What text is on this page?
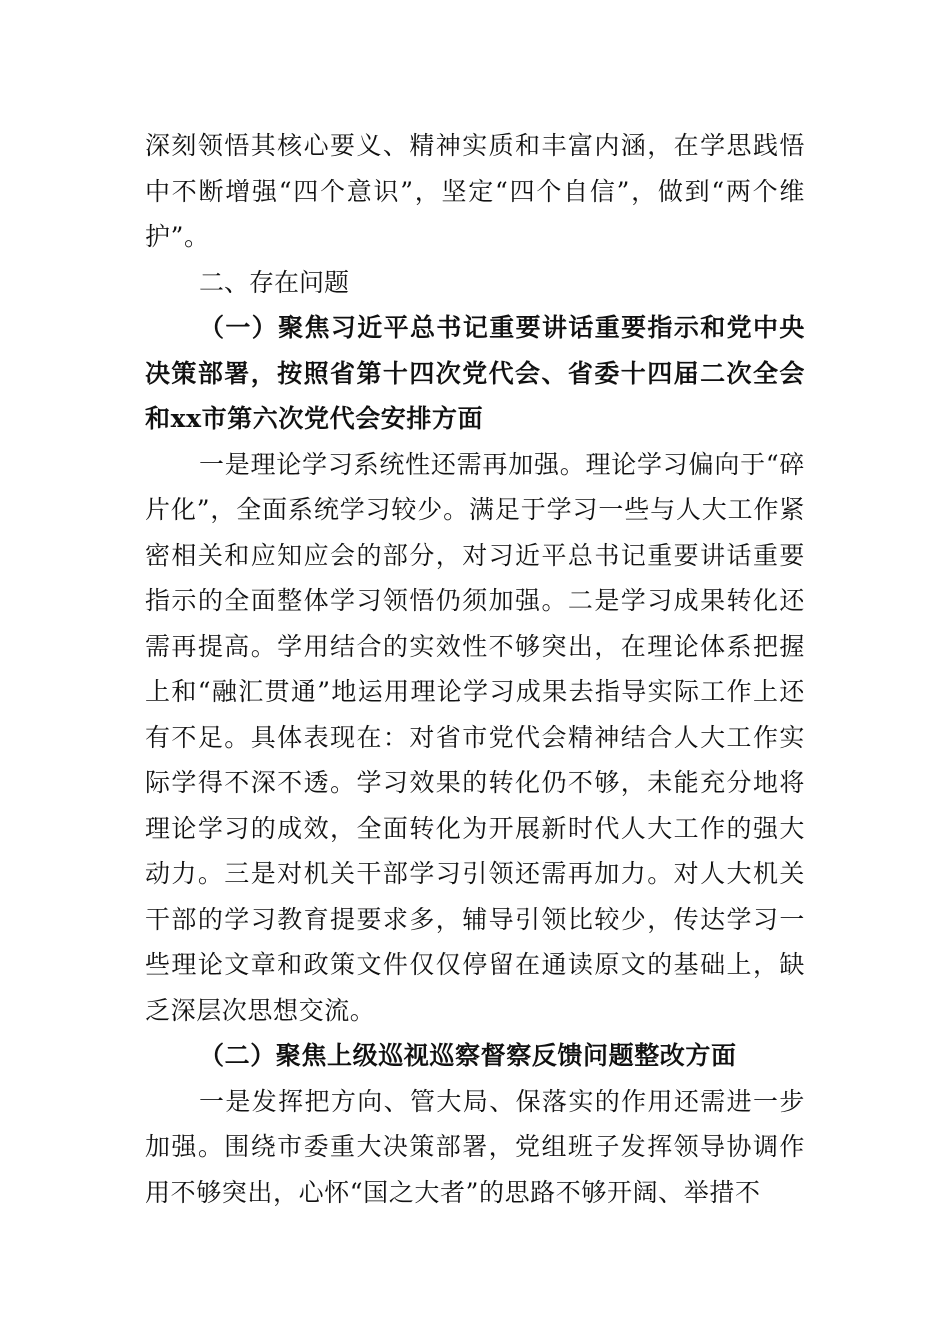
深刻领悟其核心要义、精神实质和丰富内涵，在学思践悟中不断增强“四个意识”，坚定“四个自信”，做到“两个维护”。

二、存在问题

（一）聚焦习近平总书记重要讲话重要指示和党中央决策部署，按照省第十四次党代会、省委十四届二次全会和xx市第六次党代会安排方面

一是理论学习系统性还需再加强。理论学习偏向于“碎片化”，全面系统学习较少。满足于学习一些与人大工作紧密相关和应知应会的部分，对习近平总书记重要讲话重要指示的全面整体学习领悟仍须加强。二是学习成果转化还需再提高。学用结合的实效性不够突出，在理论体系把握上和“融汇贯通”地运用理论学习成果去指导实际工作上还有不足。具体表现在：对省市党代会精神结合人大工作实际学得不深不透。学习效果的转化仍不够，未能充分地将理论学习的成效，全面转化为开展新时代人大工作的强大动力。三是对机关干部学习引领还需再加力。对人大机关干部的学习教育提要求多，辅导引领比较少，传达学习一些理论文章和政策文件仅仅停留在通读原文的基础上，缺乏深层次思想交流。

（二）聚焦上级巡视巡察督察反馈问题整改方面

一是发挥把方向、管大局、保落实的作用还需进一步加强。围绕市委重大决策部署，党组班子发挥领导协调作用不够突出，心怀“国之大者”的思路不够开阔、举措不
